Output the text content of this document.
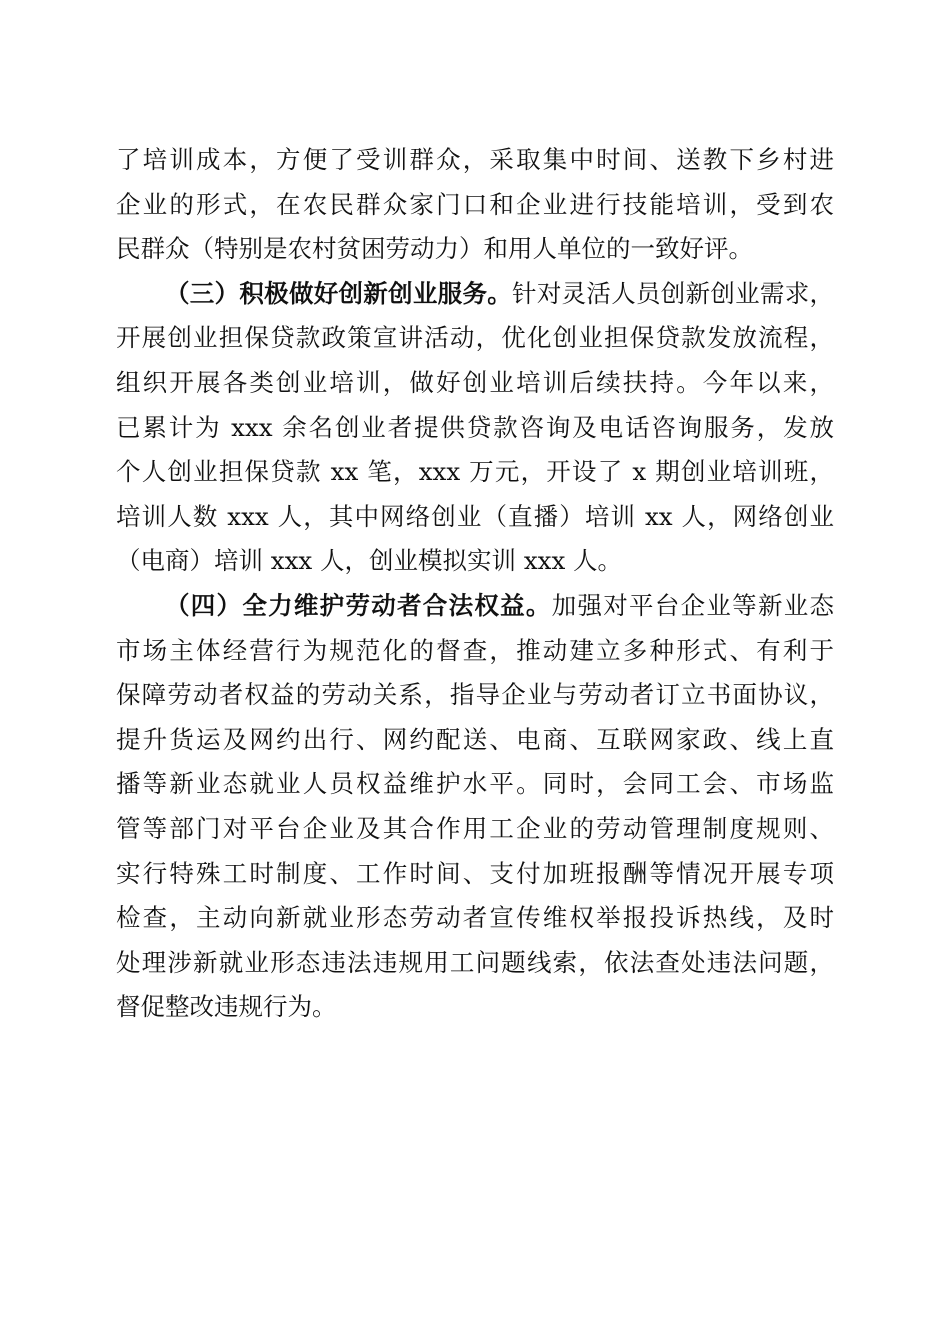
了培训成本，方便了受训群众，采取集中时间、送教下乡村进
企业的形式，在农民群众家门口和企业进行技能培训，受到农
民群众（特别是农村贫困劳动力）和用人单位的一致好评。
（三）积极做好创新创业服务。针对灵活人员创新创业需求，
开展创业担保贷款政策宣讲活动，优化创业担保贷款发放流程，
组织开展各类创业培训，做好创业培训后续扶持。今年以来，
已累计为 xxx 余名创业者提供贷款咨询及电话咨询服务，发放
个人创业担保贷款 xx 笔，xxx 万元，开设了 x 期创业培训班，
培训人数 xxx 人，其中网络创业（直播）培训 xx 人，网络创业
（电商）培训 xxx 人，创业模拟实训 xxx 人。
（四）全力维护劳动者合法权益。加强对平台企业等新业态
市场主体经营行为规范化的督查，推动建立多种形式、有利于
保障劳动者权益的劳动关系，指导企业与劳动者订立书面协议，
提升货运及网约出行、网约配送、电商、互联网家政、线上直
播等新业态就业人员权益维护水平。同时，会同工会、市场监
管等部门对平台企业及其合作用工企业的劳动管理制度规则、
实行特殊工时制度、工作时间、支付加班报酬等情况开展专项
检查，主动向新就业形态劳动者宣传维权举报投诉热线，及时
处理涉新就业形态违法违规用工问题线索，依法查处违法问题，
督促整改违规行为。
